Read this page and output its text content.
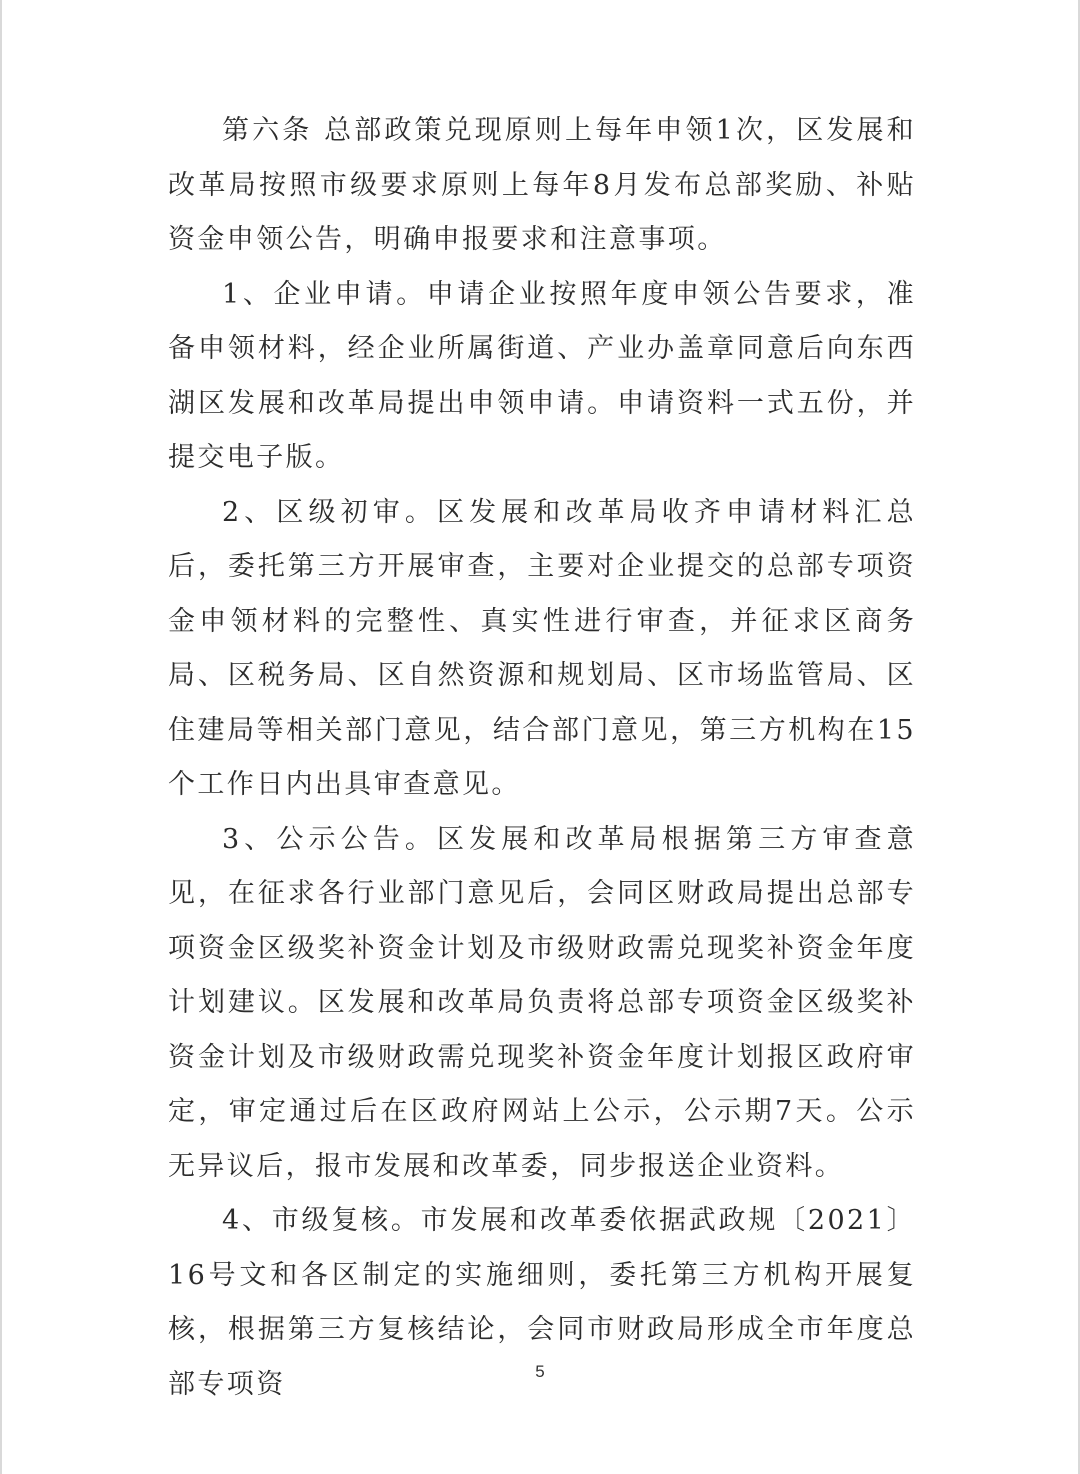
第六条 总部政策兑现原则上每年申领1次，区发展和改革局按照市级要求原则上每年8月发布总部奖励、补贴资金申领公告，明确申报要求和注意事项。

1、企业申请。申请企业按照年度申领公告要求，准备申领材料，经企业所属街道、产业办盖章同意后向东西湖区发展和改革局提出申领申请。申请资料一式五份，并提交电子版。

2、区级初审。区发展和改革局收齐申请材料汇总后，委托第三方开展审查，主要对企业提交的总部专项资金申领材料的完整性、真实性进行审查，并征求区商务局、区税务局、区自然资源和规划局、区市场监管局、区住建局等相关部门意见，结合部门意见，第三方机构在15个工作日内出具审查意见。

3、公示公告。区发展和改革局根据第三方审查意见，在征求各行业部门意见后，会同区财政局提出总部专项资金区级奖补资金计划及市级财政需兑现奖补资金年度计划建议。区发展和改革局负责将总部专项资金区级奖补资金计划及市级财政需兑现奖补资金年度计划报区政府审定，审定通过后在区政府网站上公示，公示期7天。公示无异议后，报市发展和改革委，同步报送企业资料。

4、市级复核。市发展和改革委依据武政规〔2021〕16号文和各区制定的实施细则，委托第三方机构开展复核，根据第三方复核结论，会同市财政局形成全市年度总部专项资	5
